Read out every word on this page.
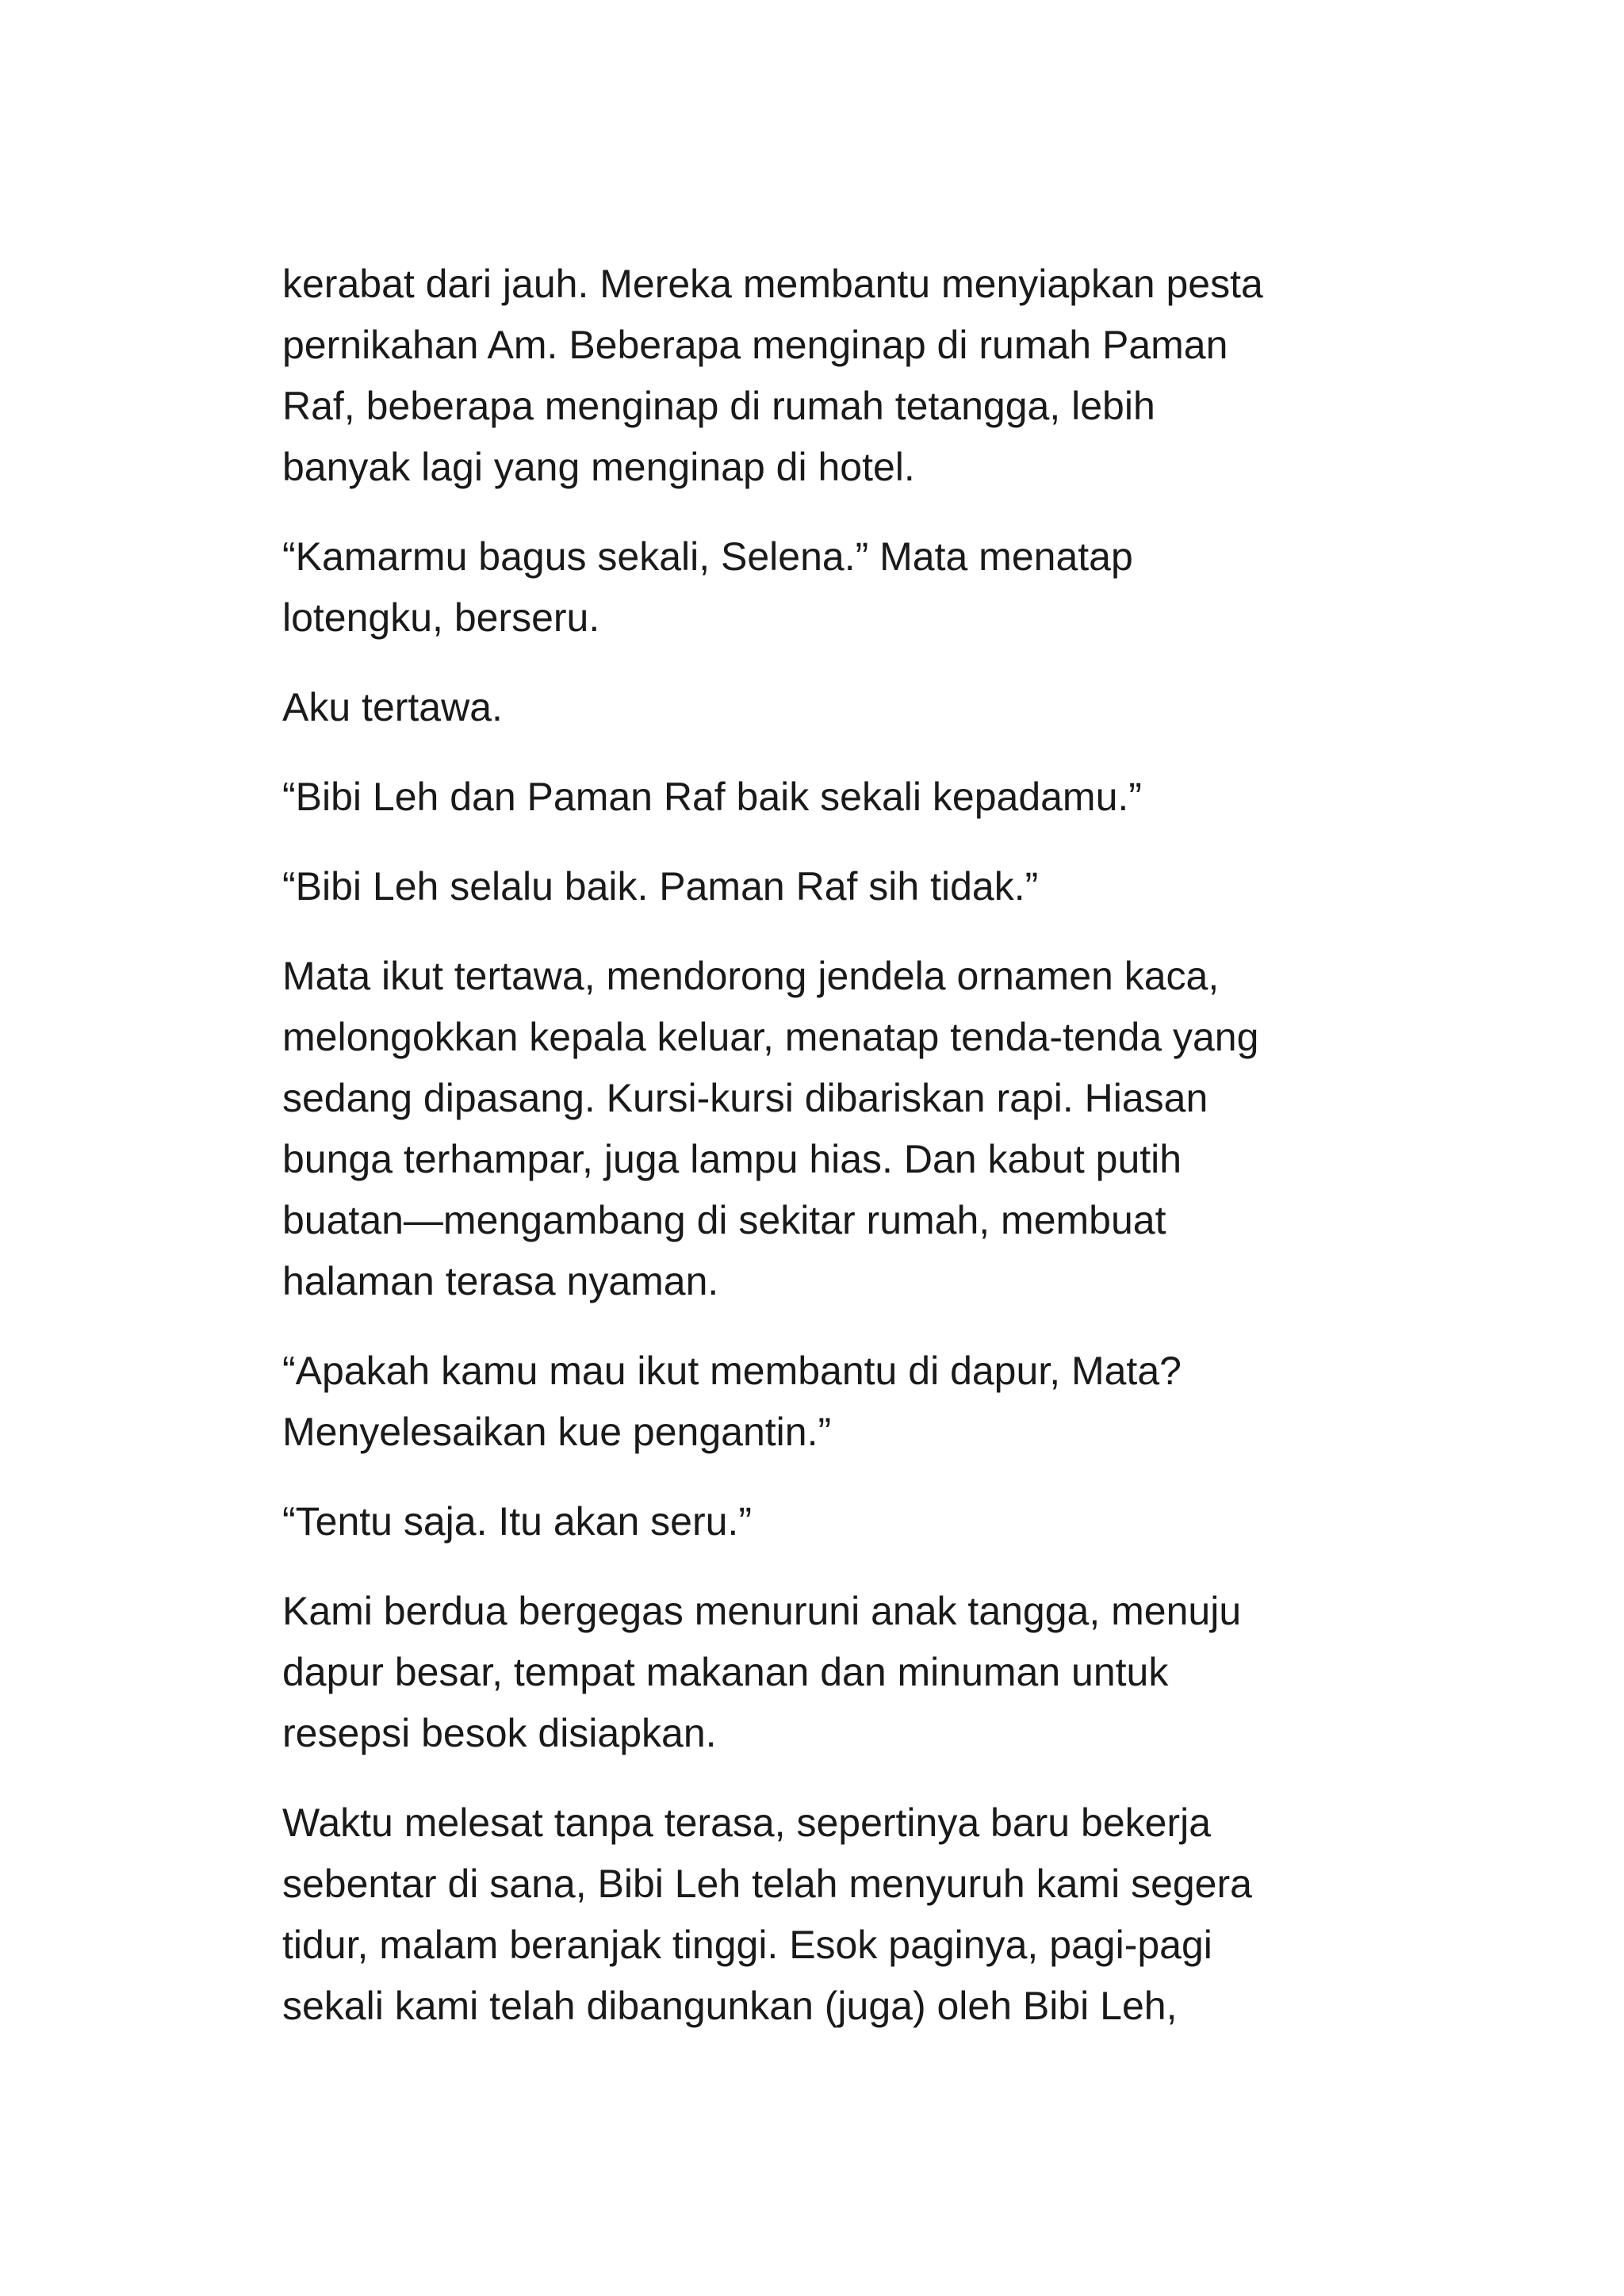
kerabat dari jauh. Mereka membantu menyiapkan pesta
pernikahan Am. Beberapa menginap di rumah Paman
Raf, beberapa menginap di rumah tetangga, lebih
banyak lagi yang menginap di hotel.

“Kamarmu bagus sekali, Selena.” Mata menatap
lotengku, berseru.

Aku tertawa.

“Bibi Leh dan Paman Raf baik sekali kepadamu.”

“Bibi Leh selalu baik. Paman Raf sih tidak.”

Mata ikut tertawa, mendorong jendela ornamen kaca,
melongokkan kepala keluar, menatap tenda-tenda yang
sedang dipasang. Kursi-kursi dibariskan rapi. Hiasan
bunga terhampar, juga lampu hias. Dan kabut putih
buatan—mengambang di sekitar rumah, membuat
halaman terasa nyaman.

“Apakah kamu mau ikut membantu di dapur, Mata?
Menyelesaikan kue pengantin.”

“Tentu saja. Itu akan seru.”

Kami berdua bergegas menuruni anak tangga, menuju
dapur besar, tempat makanan dan minuman untuk
resepsi besok disiapkan.

Waktu melesat tanpa terasa, sepertinya baru bekerja
sebentar di sana, Bibi Leh telah menyuruh kami segera
tidur, malam beranjak tinggi. Esok paginya, pagi-pagi
sekali kami telah dibangunkan (juga) oleh Bibi Leh,
